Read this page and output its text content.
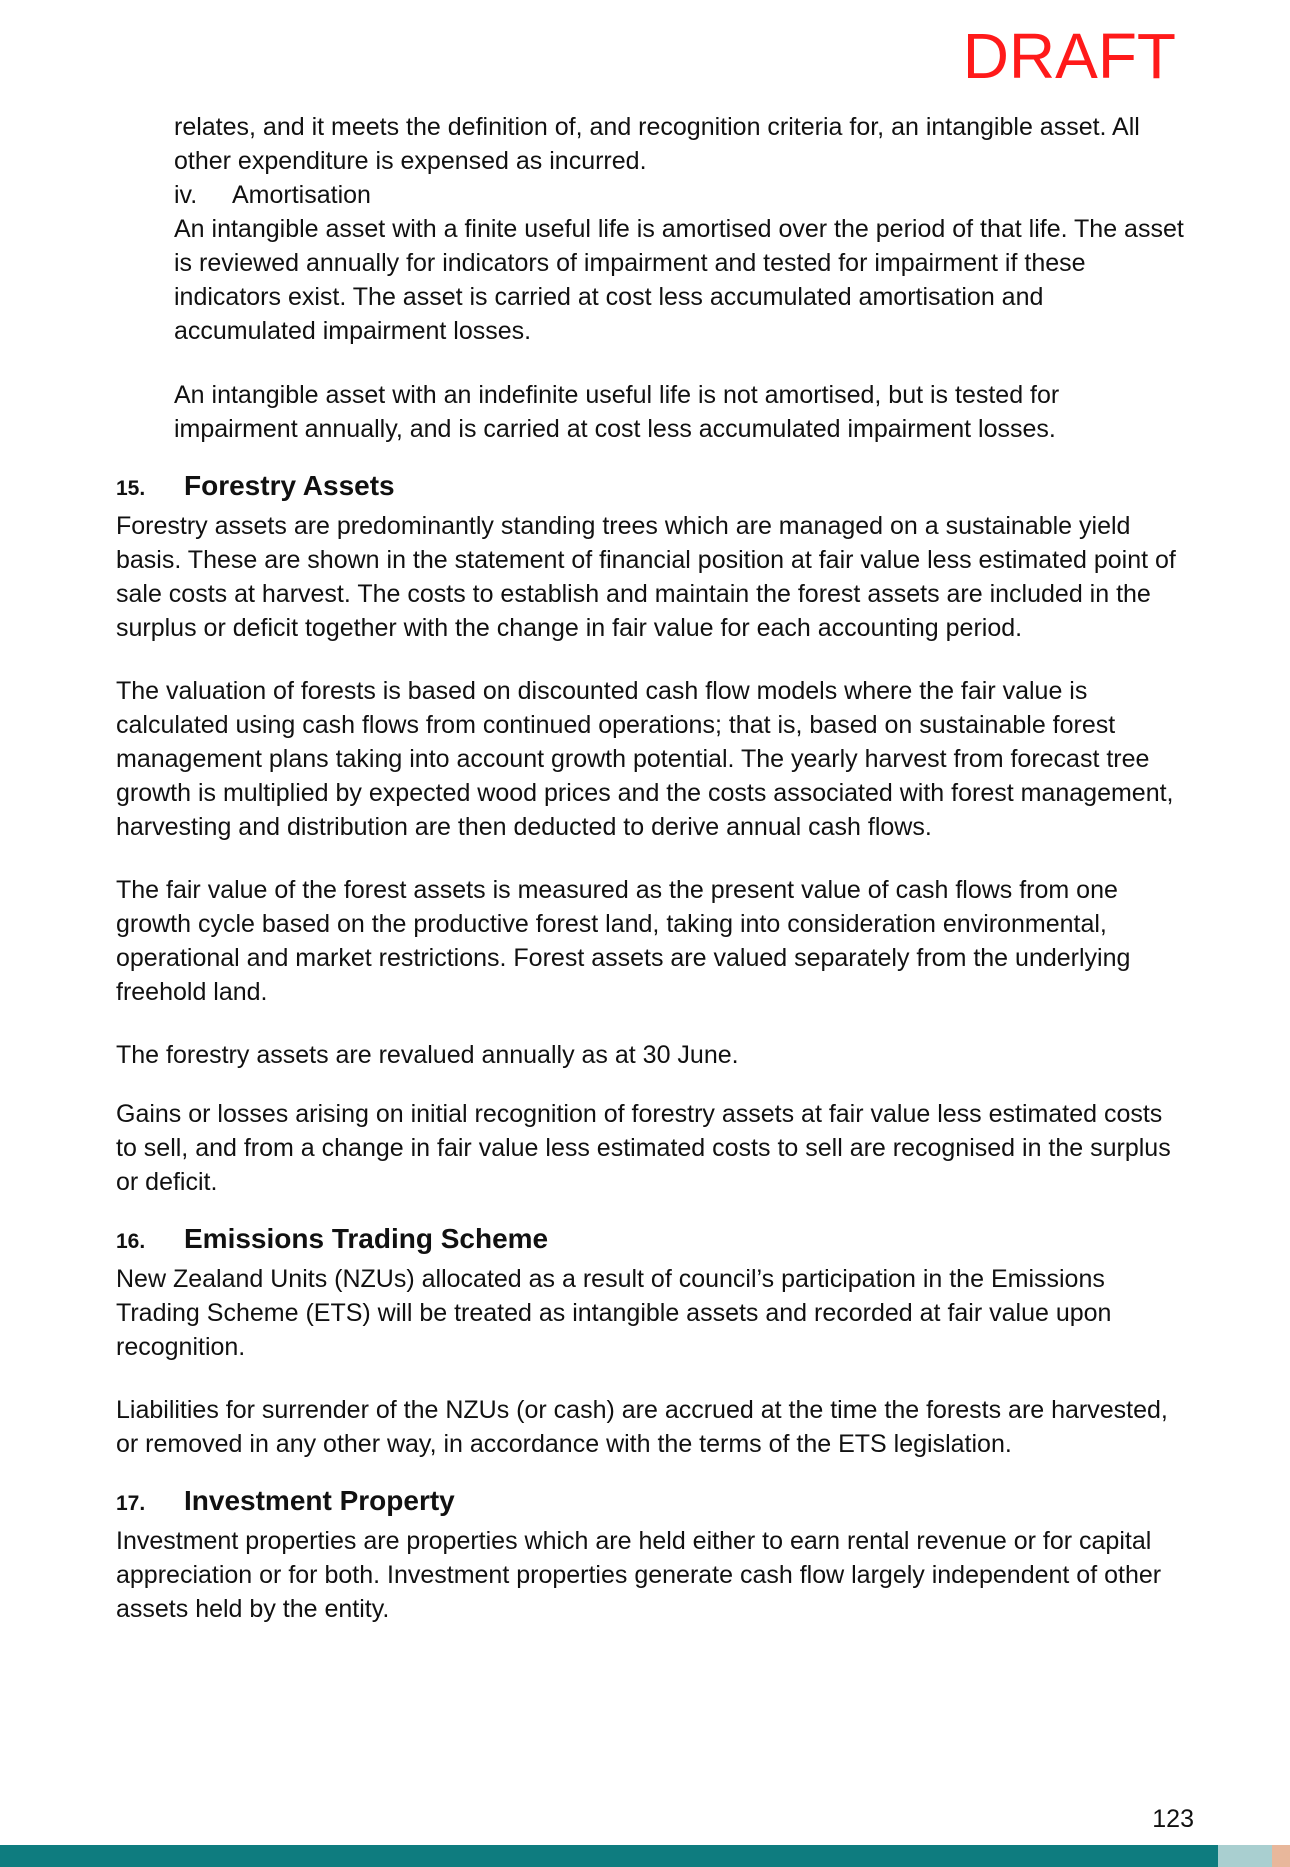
DRAFT

relates, and it meets the definition of, and recognition criteria for, an intangible asset. All other expenditure is expensed as incurred.

iv.	Amortisation

An intangible asset with a finite useful life is amortised over the period of that life. The asset is reviewed annually for indicators of impairment and tested for impairment if these indicators exist. The asset is carried at cost less accumulated amortisation and accumulated impairment losses.

An intangible asset with an indefinite useful life is not amortised, but is tested for impairment annually, and is carried at cost less accumulated impairment losses.

15.	Forestry Assets

Forestry assets are predominantly standing trees which are managed on a sustainable yield basis. These are shown in the statement of financial position at fair value less estimated point of sale costs at harvest. The costs to establish and maintain the forest assets are included in the surplus or deficit together with the change in fair value for each accounting period.

The valuation of forests is based on discounted cash flow models where the fair value is calculated using cash flows from continued operations; that is, based on sustainable forest management plans taking into account growth potential. The yearly harvest from forecast tree growth is multiplied by expected wood prices and the costs associated with forest management, harvesting and distribution are then deducted to derive annual cash flows.

The fair value of the forest assets is measured as the present value of cash flows from one growth cycle based on the productive forest land, taking into consideration environmental, operational and market restrictions. Forest assets are valued separately from the underlying freehold land.

The forestry assets are revalued annually as at 30 June.

Gains or losses arising on initial recognition of forestry assets at fair value less estimated costs to sell, and from a change in fair value less estimated costs to sell are recognised in the surplus or deficit.

16.	Emissions Trading Scheme

New Zealand Units (NZUs) allocated as a result of council’s participation in the Emissions Trading Scheme (ETS) will be treated as intangible assets and recorded at fair value upon recognition.

Liabilities for surrender of the NZUs (or cash) are accrued at the time the forests are harvested, or removed in any other way, in accordance with the terms of the ETS legislation.

17.	Investment Property

Investment properties are properties which are held either to earn rental revenue or for capital appreciation or for both. Investment properties generate cash flow largely independent of other assets held by the entity.

123
